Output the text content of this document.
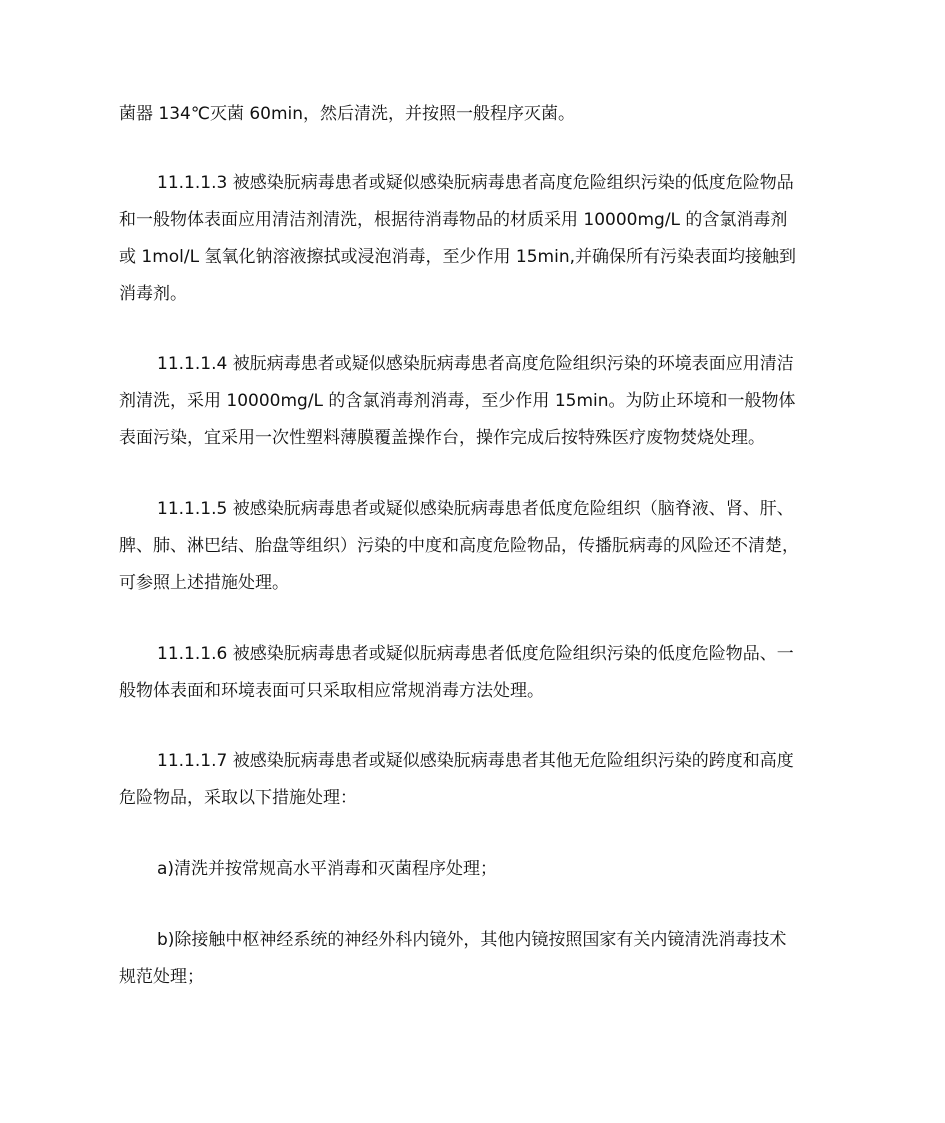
菌器 134℃灭菌 60min，然后清洗，并按照一般程序灭菌。
11.1.1.3 被感染朊病毒患者或疑似感染朊病毒患者高度危险组织污染的低度危险物品
和一般物体表面应用清洁剂清洗，根据待消毒物品的材质采用 10000mg/L 的含氯消毒剂
或 1mol/L 氢氧化钠溶液擦拭或浸泡消毒，至少作用 15min,并确保所有污染表面均接触到
消毒剂。
11.1.1.4 被朊病毒患者或疑似感染朊病毒患者高度危险组织污染的环境表面应用清洁
剂清洗，采用 10000mg/L 的含氯消毒剂消毒，至少作用 15min。为防止环境和一般物体
表面污染，宜采用一次性塑料薄膜覆盖操作台，操作完成后按特殊医疗废物焚烧处理。
11.1.1.5 被感染朊病毒患者或疑似感染朊病毒患者低度危险组织（脑脊液、肾、肝、
脾、肺、淋巴结、胎盘等组织）污染的中度和高度危险物品，传播朊病毒的风险还不清楚，
可参照上述措施处理。
11.1.1.6 被感染朊病毒患者或疑似朊病毒患者低度危险组织污染的低度危险物品、一
般物体表面和环境表面可只采取相应常规消毒方法处理。
11.1.1.7 被感染朊病毒患者或疑似感染朊病毒患者其他无危险组织污染的跨度和高度
危险物品，采取以下措施处理：
a)清洗并按常规高水平消毒和灭菌程序处理；
b)除接触中枢神经系统的神经外科内镜外，其他内镜按照国家有关内镜清洗消毒技术
规范处理；
